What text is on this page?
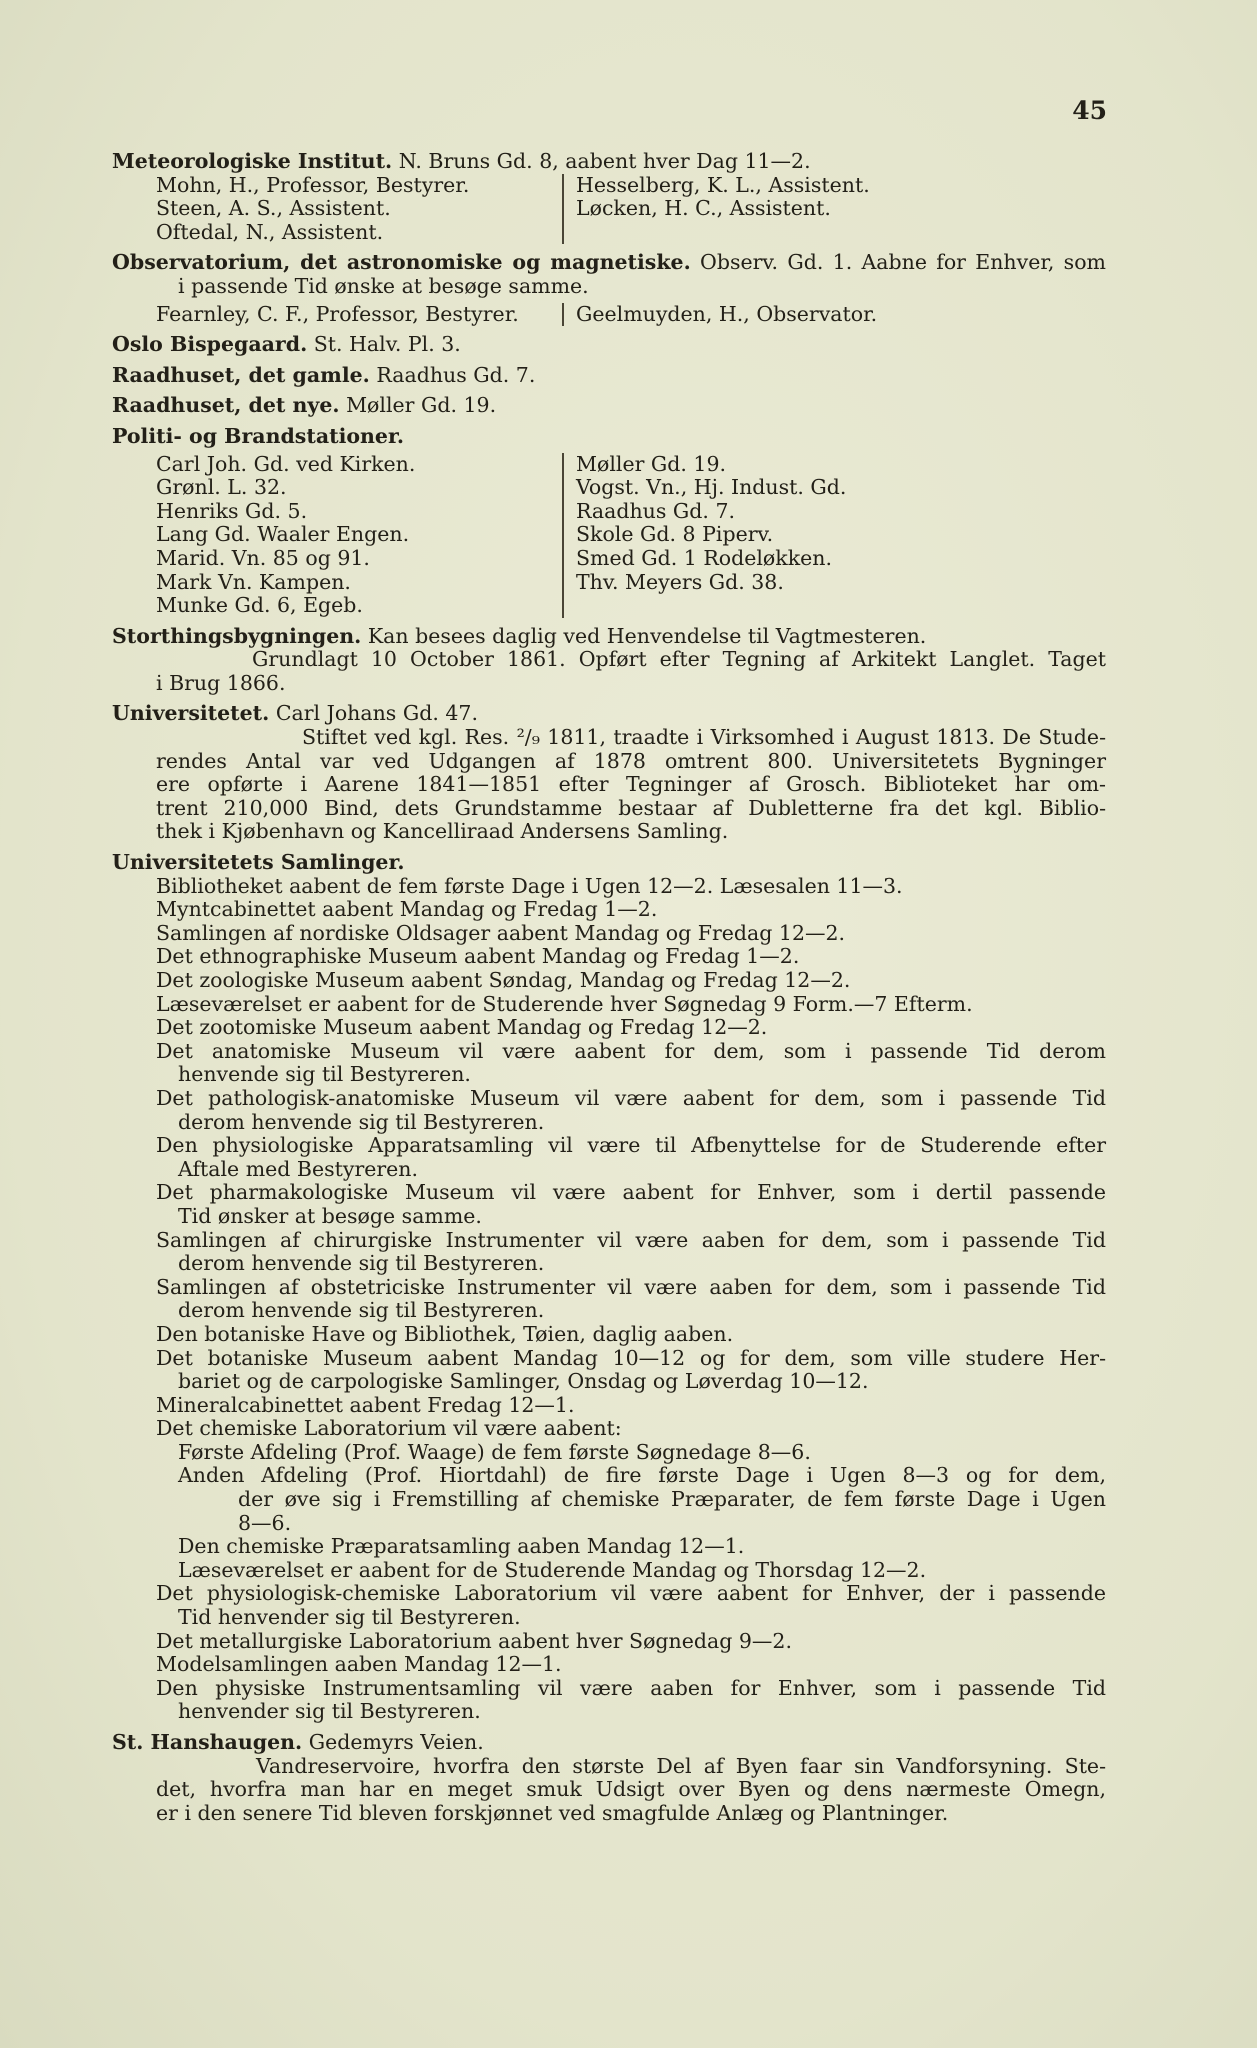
45
Meteorologiske Institut. N. Bruns Gd. 8, aabent hver Dag 11—2.
Mohn, H., Professor, Bestyrer.
Steen, A. S., Assistent.
Oftedal, N., Assistent.
Hesselberg, K. L., Assistent.
Løcken, H. C., Assistent.
Observatorium, det astronomiske og magnetiske. Observ. Gd. 1. Aabne for Enhver, som
i passende Tid ønske at besøge samme.
Fearnley, C. F., Professor, Bestyrer.	Geelmuyden, H., Observator.
Oslo Bispegaard. St. Halv. Pl. 3.
Raadhuset, det gamle. Raadhus Gd. 7.
Raadhuset, det nye. Møller Gd. 19.
Politi- og Brandstationer.
Carl Joh. Gd. ved Kirken.
Grønl. L. 32.
Henriks Gd. 5.
Lang Gd. Waaler Engen.
Marid. Vn. 85 og 91.
Mark Vn. Kampen.
Munke Gd. 6, Egeb.
Møller Gd. 19.
Vogst. Vn., Hj. Indust. Gd.
Raadhus Gd. 7.
Skole Gd. 8 Piperv.
Smed Gd. 1 Rodeløkken.
Thv. Meyers Gd. 38.
Storthingsbygningen. Kan besees daglig ved Henvendelse til Vagtmesteren.
Grundlagt 10 October 1861. Opført efter Tegning af Arkitekt Langlet. Taget
i Brug 1866.
Universitetet. Carl Johans Gd. 47.
Stiftet ved kgl. Res. ²/₉ 1811, traadte i Virksomhed i August 1813. De Stude-
rendes Antal var ved Udgangen af 1878 omtrent 800. Universitetets Bygninger
ere opførte i Aarene 1841—1851 efter Tegninger af Grosch. Biblioteket har om-
trent 210,000 Bind, dets Grundstamme bestaar af Dubletterne fra det kgl. Biblio-
thek i Kjøbenhavn og Kancelliraad Andersens Samling.
Universitetets Samlinger.
Bibliotheket aabent de fem første Dage i Ugen 12—2. Læsesalen 11—3.
Myntcabinettet aabent Mandag og Fredag 1—2.
Samlingen af nordiske Oldsager aabent Mandag og Fredag 12—2.
Det ethnographiske Museum aabent Mandag og Fredag 1—2.
Det zoologiske Museum aabent Søndag, Mandag og Fredag 12—2.
Læseværelset er aabent for de Studerende hver Søgnedag 9 Form.—7 Efterm.
Det zootomiske Museum aabent Mandag og Fredag 12—2.
Det anatomiske Museum vil være aabent for dem, som i passende Tid derom
henvende sig til Bestyreren.
Det pathologisk-anatomiske Museum vil være aabent for dem, som i passende Tid
derom henvende sig til Bestyreren.
Den physiologiske Apparatsamling vil være til Afbenyttelse for de Studerende efter
Aftale med Bestyreren.
Det pharmakologiske Museum vil være aabent for Enhver, som i dertil passende
Tid ønsker at besøge samme.
Samlingen af chirurgiske Instrumenter vil være aaben for dem, som i passende Tid
derom henvende sig til Bestyreren.
Samlingen af obstetriciske Instrumenter vil være aaben for dem, som i passende Tid
derom henvende sig til Bestyreren.
Den botaniske Have og Bibliothek, Tøien, daglig aaben.
Det botaniske Museum aabent Mandag 10—12 og for dem, som ville studere Her-
bariet og de carpologiske Samlinger, Onsdag og Løverdag 10—12.
Mineralcabinettet aabent Fredag 12—1.
Det chemiske Laboratorium vil være aabent:
Første Afdeling (Prof. Waage) de fem første Søgnedage 8—6.
Anden Afdeling (Prof. Hiortdahl) de fire første Dage i Ugen 8—3 og for dem,
der øve sig i Fremstilling af chemiske Præparater, de fem første Dage i Ugen
8—6.
Den chemiske Præparatsamling aaben Mandag 12—1.
Læseværelset er aabent for de Studerende Mandag og Thorsdag 12—2.
Det physiologisk-chemiske Laboratorium vil være aabent for Enhver, der i passende
Tid henvender sig til Bestyreren.
Det metallurgiske Laboratorium aabent hver Søgnedag 9—2.
Modelsamlingen aaben Mandag 12—1.
Den physiske Instrumentsamling vil være aaben for Enhver, som i passende Tid
henvender sig til Bestyreren.
St. Hanshaugen. Gedemyrs Veien.
Vandreservoire, hvorfra den største Del af Byen faar sin Vandforsyning. Ste-
det, hvorfra man har en meget smuk Udsigt over Byen og dens nærmeste Omegn,
er i den senere Tid bleven forskjønnet ved smagfulde Anlæg og Plantninger.
